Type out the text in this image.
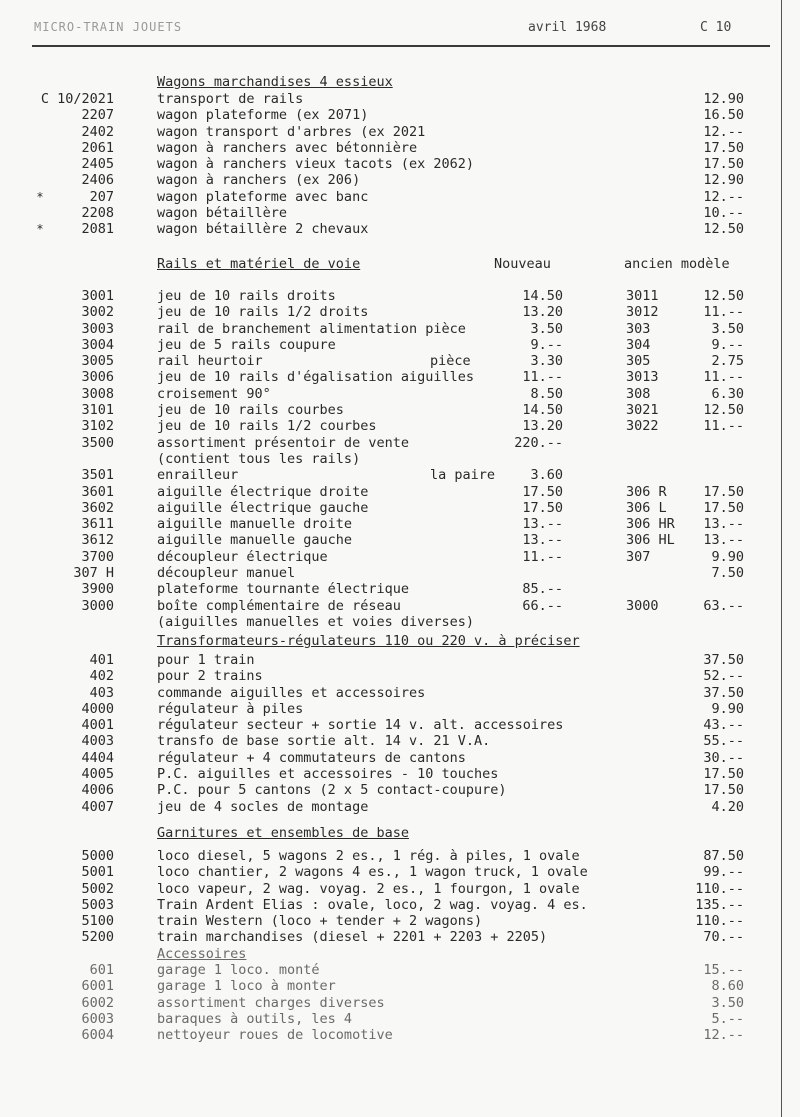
MICRO-TRAIN JOUETS	avril 1968	C 10
Wagons marchandises 4 essieux
C 10/2021	transport de rails	12.90
2207	wagon plateforme (ex 2071)	16.50
2402	wagon transport d'arbres (ex 2021	12.--
2061	wagon à ranchers avec bétonnière	17.50
2405	wagon à ranchers vieux tacots (ex 2062)	17.50
2406	wagon à ranchers (ex 206)	12.90
*	207	wagon plateforme avec banc	12.--
2208	wagon bétaillère	10.--
*	2081	wagon bétaillère 2 chevaux	12.50
Rails et matériel de voie	Nouveau	ancien modèle
3001	jeu de 10 rails droits	14.50	3011	12.50
3002	jeu de 10 rails 1/2 droits	13.20	3012	11.--
3003	rail de branchement alimentation pièce	3.50	303	3.50
3004	jeu de 5 rails coupure	9.--	304	9.--
3005	rail heurtoir	pièce	3.30	305	2.75
3006	jeu de 10 rails d'égalisation aiguilles	11.--	3013	11.--
3008	croisement 90°	8.50	308	6.30
3101	jeu de 10 rails courbes	14.50	3021	12.50
3102	jeu de 10 rails 1/2 courbes	13.20	3022	11.--
3500	assortiment présentoir de vente	220.--
(contient tous les rails)
3501	enrailleur	la paire	3.60
3601	aiguille électrique droite	17.50	306 R	17.50
3602	aiguille électrique gauche	17.50	306 L	17.50
3611	aiguille manuelle droite	13.--	306 HR	13.--
3612	aiguille manuelle gauche	13.--	306 HL	13.--
3700	découpleur électrique	11.--	307	9.90
307 H	découpleur manuel	7.50
3900	plateforme tournante électrique	85.--
3000	boîte complémentaire de réseau	66.--	3000	63.--
(aiguilles manuelles et voies diverses)
Transformateurs-régulateurs 110 ou 220 v. à préciser
401	pour 1 train	37.50
402	pour 2 trains	52.--
403	commande aiguilles et accessoires	37.50
4000	régulateur à piles	9.90
4001	régulateur secteur + sortie 14 v. alt. accessoires	43.--
4003	transfo de base sortie alt. 14 v. 21 V.A.	55.--
4404	régulateur + 4 commutateurs de cantons	30.--
4005	P.C. aiguilles et accessoires - 10 touches	17.50
4006	P.C. pour 5 cantons (2 x 5 contact-coupure)	17.50
4007	jeu de 4 socles de montage	4.20
Garnitures et ensembles de base
5000	loco diesel, 5 wagons 2 es., 1 rég. à piles, 1 ovale	87.50
5001	loco chantier, 2 wagons 4 es., 1 wagon truck, 1 ovale	99.--
5002	loco vapeur, 2 wag. voyag. 2 es., 1 fourgon, 1 ovale	110.--
5003	Train Ardent Elias : ovale, loco, 2 wag. voyag. 4 es.	135.--
5100	train Western (loco + tender + 2 wagons)	110.--
5200	train marchandises (diesel + 2201 + 2203 + 2205)	70.--
Accessoires
601	garage 1 loco. monté	15.--
6001	garage 1 loco à monter	8.60
6002	assortiment charges diverses	3.50
6003	baraques à outils, les 4	5.--
6004	nettoyeur roues de locomotive	12.--
